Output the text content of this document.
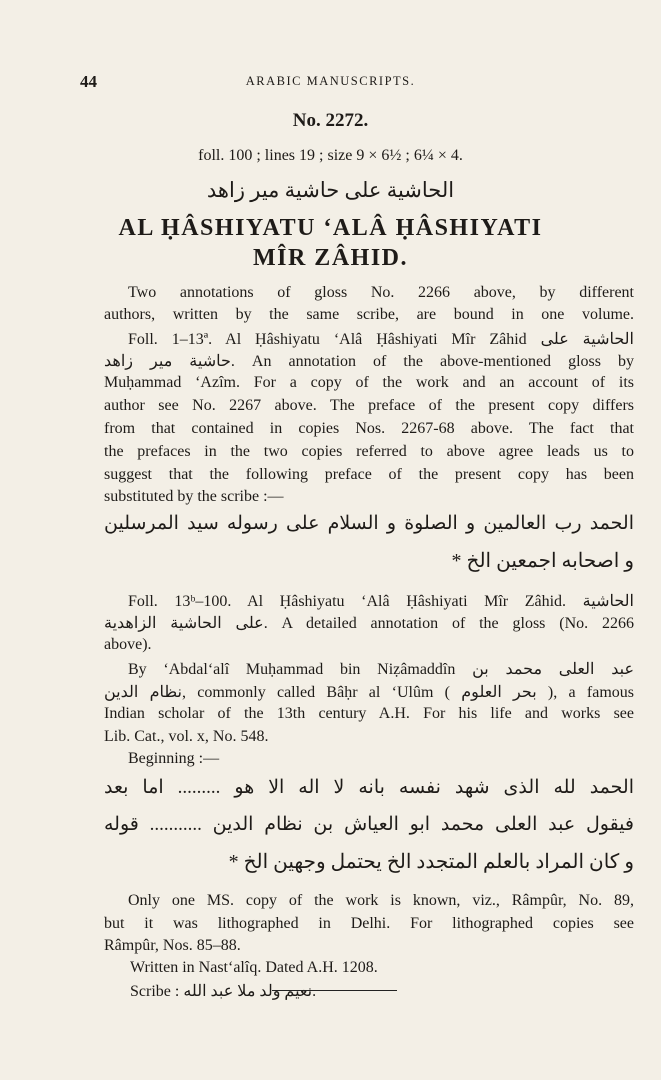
44	ARABIC MANUSCRIPTS.
No. 2272.
foll. 100 ; lines 19 ; size 9 × 6½ ; 6¼ × 4.
الحاشية على حاشية مير زاهد
AL ḤÂSHIYATU ‘ALÂ ḤÂSHIYATI
MÎR ZÂHID.
Two annotations of gloss No. 2266 above, by different
authors, written by the same scribe, are bound in one volume.
Foll. 1–13ª. Al Ḥâshiyatu ‘Alâ Ḥâshiyati Mîr Zâhid الحاشية على
حاشية مير زاهد. An annotation of the above-mentioned gloss by
Muḥammad ‘Azîm. For a copy of the work and an account of its
author see No. 2267 above. The preface of the present copy differs
from that contained in copies Nos. 2267-68 above. The fact that
the prefaces in the two copies referred to above agree leads us to
suggest that the following preface of the present copy has been
substituted by the scribe :—
الحمد رب العالمين و الصلوة و السلام على رسوله سيد المرسلين
و اصحابه اجمعين الخ *
Foll. 13ᵇ–100. Al Ḥâshiyatu ‘Alâ Ḥâshiyati Mîr Zâhid. الحاشية
على الحاشية الزاهدية. A detailed annotation of the gloss (No. 2266
above).
By ‘Abdal‘alî Muḥammad bin Niẓâmaddîn عبد العلى محمد بن
نظام الدين, commonly called Bâḥr al ‘Ulûm ( بحر العلوم ), a famous
Indian scholar of the 13th century A.H. For his life and works see
Lib. Cat., vol. x, No. 548.
Beginning :—
الحمد لله الذى شهد نفسه بانه لا اله الا هو ......... اما بعد
فيقول عبد العلى محمد ابو العياش بن نظام الدين ........... قوله
و كان المراد بالعلم المتجدد الخ يحتمل وجهين الخ *
Only one MS. copy of the work is known, viz., Râmpûr, No. 89,
but it was lithographed in Delhi. For lithographed copies see
Râmpûr, Nos. 85–88.
Written in Nast‘alîq. Dated A.H. 1208.
Scribe : نعيم ولد ملا عبد الله.
